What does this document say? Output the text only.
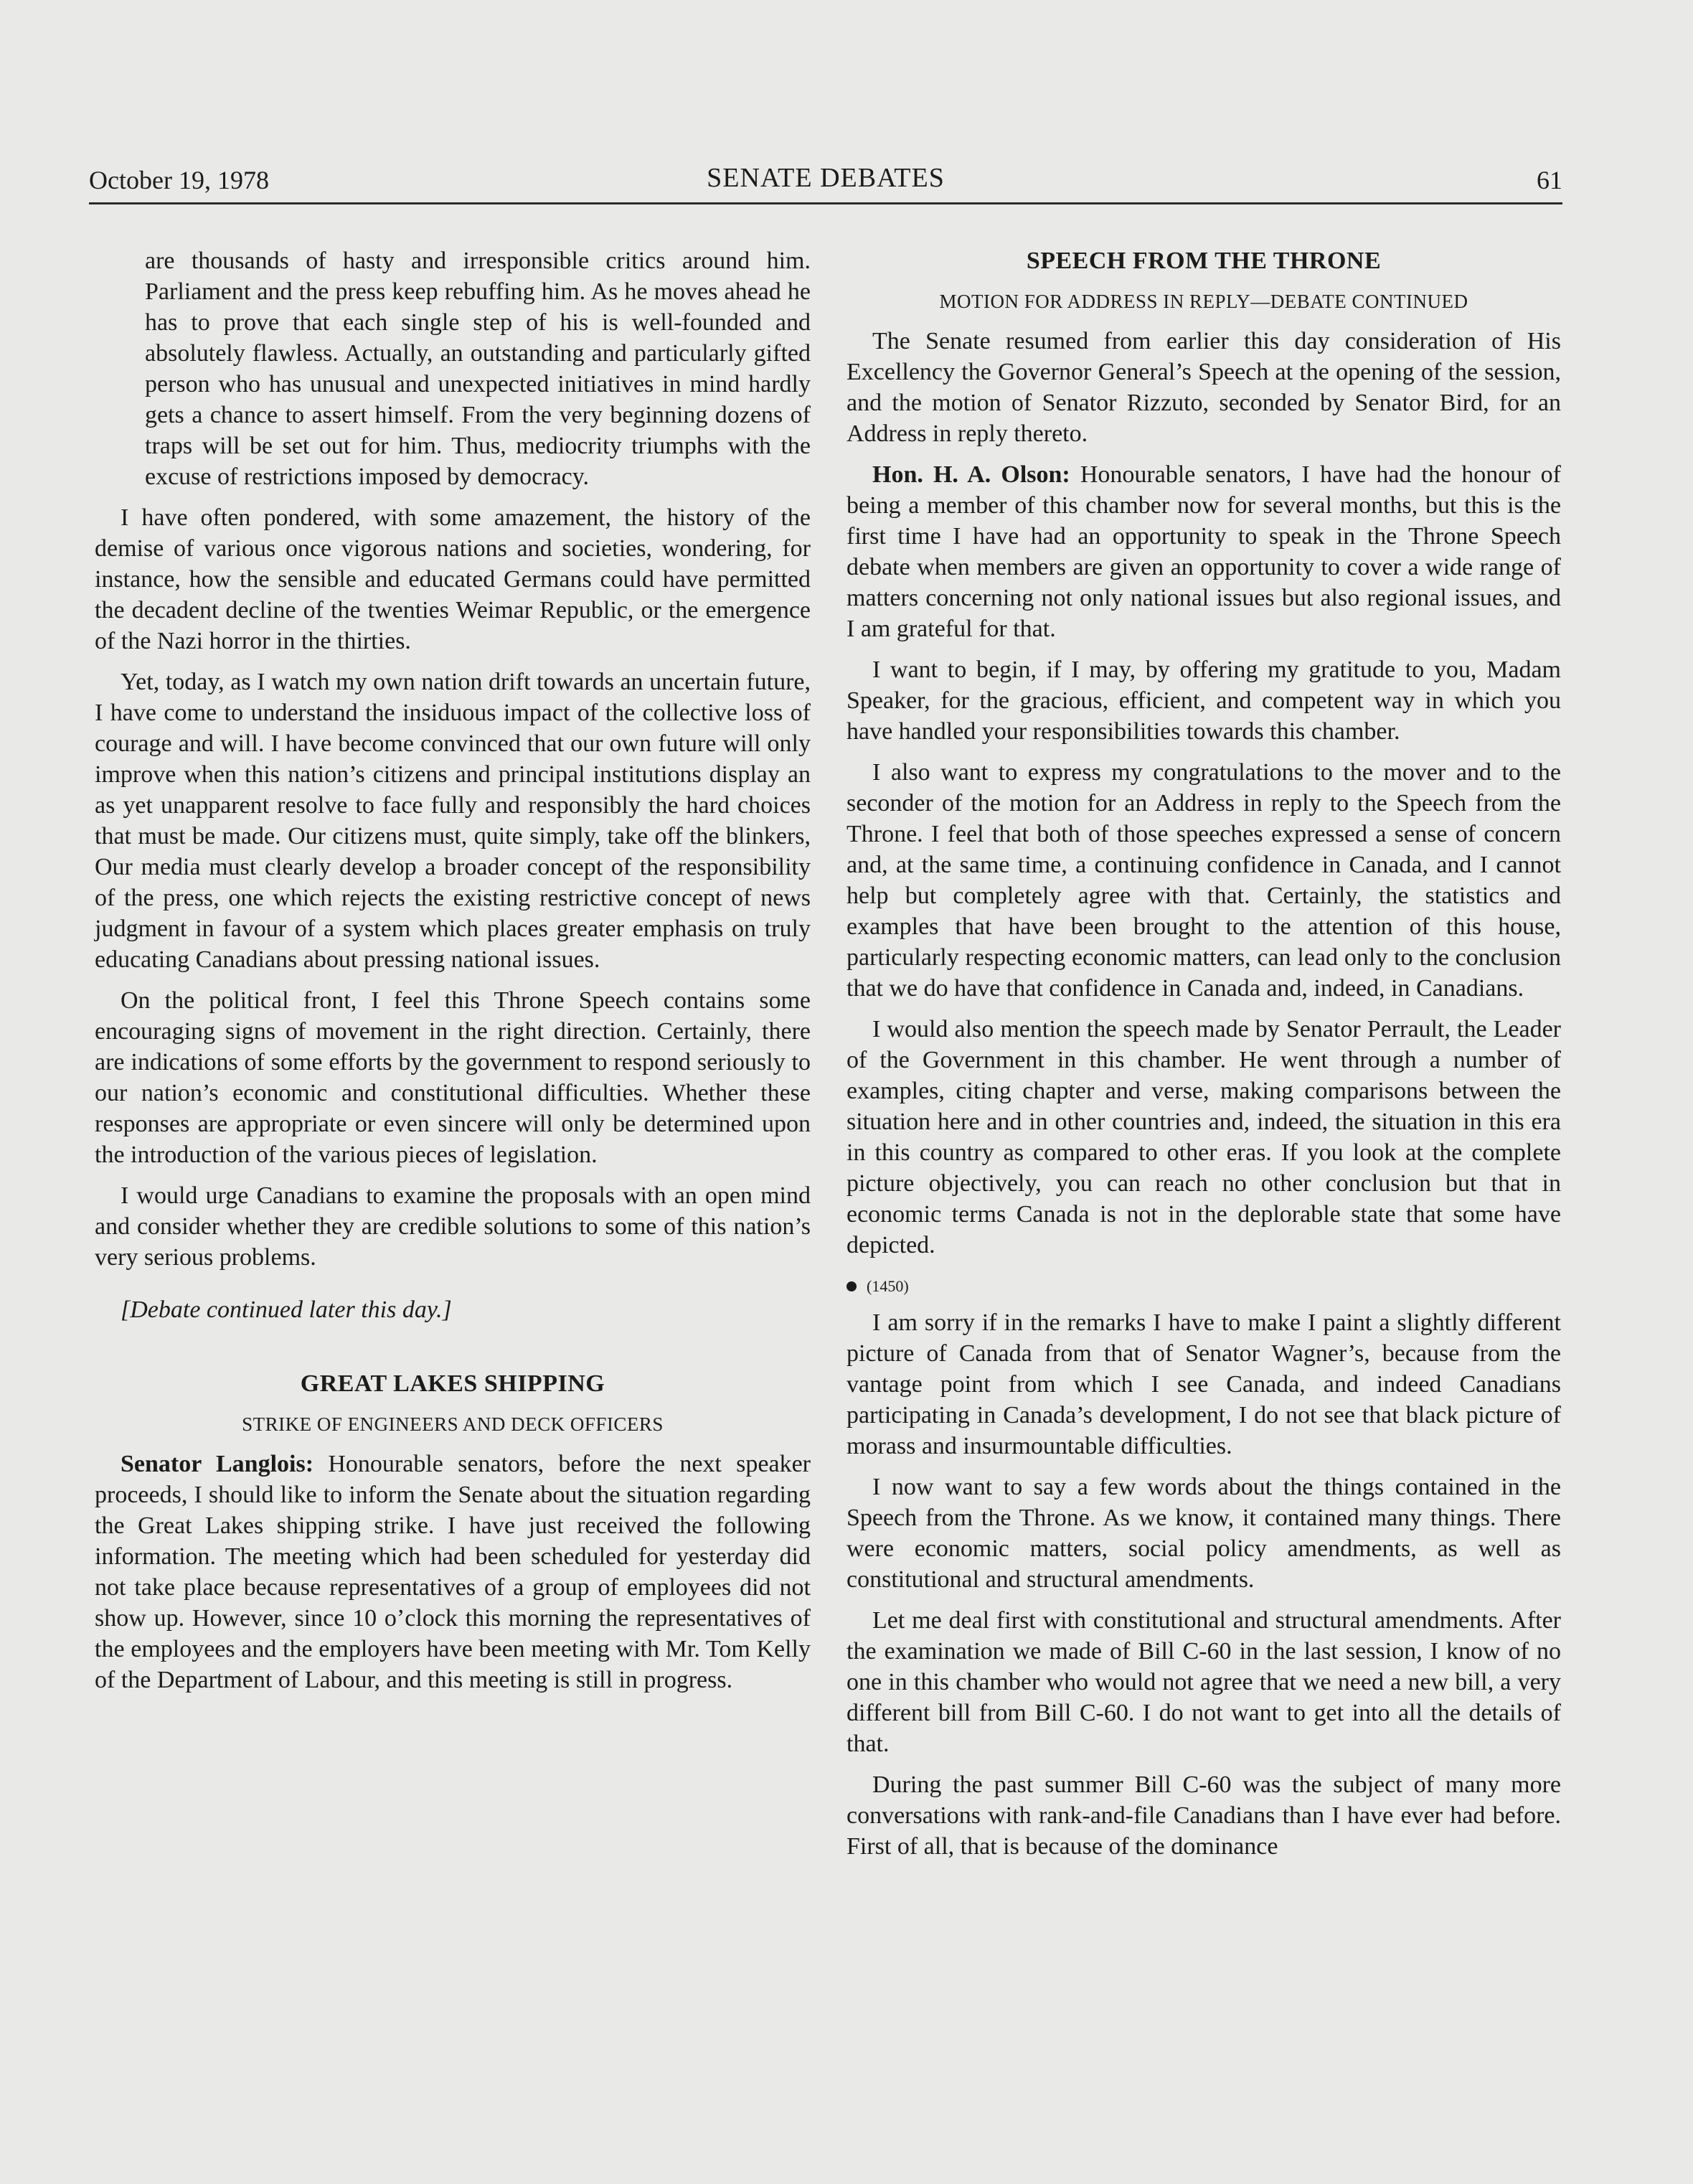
October 19, 1978	SENATE DEBATES	61

are thousands of hasty and irresponsible critics around him. Parliament and the press keep rebuffing him. As he moves ahead he has to prove that each single step of his is well-founded and absolutely flawless. Actually, an outstanding and particularly gifted person who has unusual and unexpected initiatives in mind hardly gets a chance to assert himself. From the very beginning dozens of traps will be set out for him. Thus, mediocrity triumphs with the excuse of restrictions imposed by democracy.

I have often pondered, with some amazement, the history of the demise of various once vigorous nations and societies, wondering, for instance, how the sensible and educated Germans could have permitted the decadent decline of the twenties Weimar Republic, or the emergence of the Nazi horror in the thirties.

Yet, today, as I watch my own nation drift towards an uncertain future, I have come to understand the insiduous impact of the collective loss of courage and will. I have become convinced that our own future will only improve when this nation’s citizens and principal institutions display an as yet unapparent resolve to face fully and responsibly the hard choices that must be made. Our citizens must, quite simply, take off the blinkers, Our media must clearly develop a broader concept of the responsibility of the press, one which rejects the existing restrictive concept of news judgment in favour of a system which places greater emphasis on truly educating Canadians about pressing national issues.

On the political front, I feel this Throne Speech contains some encouraging signs of movement in the right direction. Certainly, there are indications of some efforts by the government to respond seriously to our nation’s economic and constitutional difficulties. Whether these responses are appropriate or even sincere will only be determined upon the introduction of the various pieces of legislation.

I would urge Canadians to examine the proposals with an open mind and consider whether they are credible solutions to some of this nation’s very serious problems.

[Debate continued later this day.]

GREAT LAKES SHIPPING
STRIKE OF ENGINEERS AND DECK OFFICERS

Senator Langlois: Honourable senators, before the next speaker proceeds, I should like to inform the Senate about the situation regarding the Great Lakes shipping strike. I have just received the following information. The meeting which had been scheduled for yesterday did not take place because representatives of a group of employees did not show up. However, since 10 o’clock this morning the representatives of the employees and the employers have been meeting with Mr. Tom Kelly of the Department of Labour, and this meeting is still in progress.

SPEECH FROM THE THRONE
MOTION FOR ADDRESS IN REPLY—DEBATE CONTINUED

The Senate resumed from earlier this day consideration of His Excellency the Governor General’s Speech at the opening of the session, and the motion of Senator Rizzuto, seconded by Senator Bird, for an Address in reply thereto.

Hon. H. A. Olson: Honourable senators, I have had the honour of being a member of this chamber now for several months, but this is the first time I have had an opportunity to speak in the Throne Speech debate when members are given an opportunity to cover a wide range of matters concerning not only national issues but also regional issues, and I am grateful for that.

I want to begin, if I may, by offering my gratitude to you, Madam Speaker, for the gracious, efficient, and competent way in which you have handled your responsibilities towards this chamber.

I also want to express my congratulations to the mover and to the seconder of the motion for an Address in reply to the Speech from the Throne. I feel that both of those speeches expressed a sense of concern and, at the same time, a continuing confidence in Canada, and I cannot help but completely agree with that. Certainly, the statistics and examples that have been brought to the attention of this house, particularly respecting economic matters, can lead only to the conclusion that we do have that confidence in Canada and, indeed, in Canadians.

I would also mention the speech made by Senator Perrault, the Leader of the Government in this chamber. He went through a number of examples, citing chapter and verse, making comparisons between the situation here and in other countries and, indeed, the situation in this era in this country as compared to other eras. If you look at the complete picture objectively, you can reach no other conclusion but that in economic terms Canada is not in the deplorable state that some have depicted.

(1450)

I am sorry if in the remarks I have to make I paint a slightly different picture of Canada from that of Senator Wagner’s, because from the vantage point from which I see Canada, and indeed Canadians participating in Canada’s development, I do not see that black picture of morass and insurmountable difficulties.

I now want to say a few words about the things contained in the Speech from the Throne. As we know, it contained many things. There were economic matters, social policy amendments, as well as constitutional and structural amendments.

Let me deal first with constitutional and structural amendments. After the examination we made of Bill C-60 in the last session, I know of no one in this chamber who would not agree that we need a new bill, a very different bill from Bill C-60. I do not want to get into all the details of that.

During the past summer Bill C-60 was the subject of many more conversations with rank-and-file Canadians than I have ever had before. First of all, that is because of the dominance
